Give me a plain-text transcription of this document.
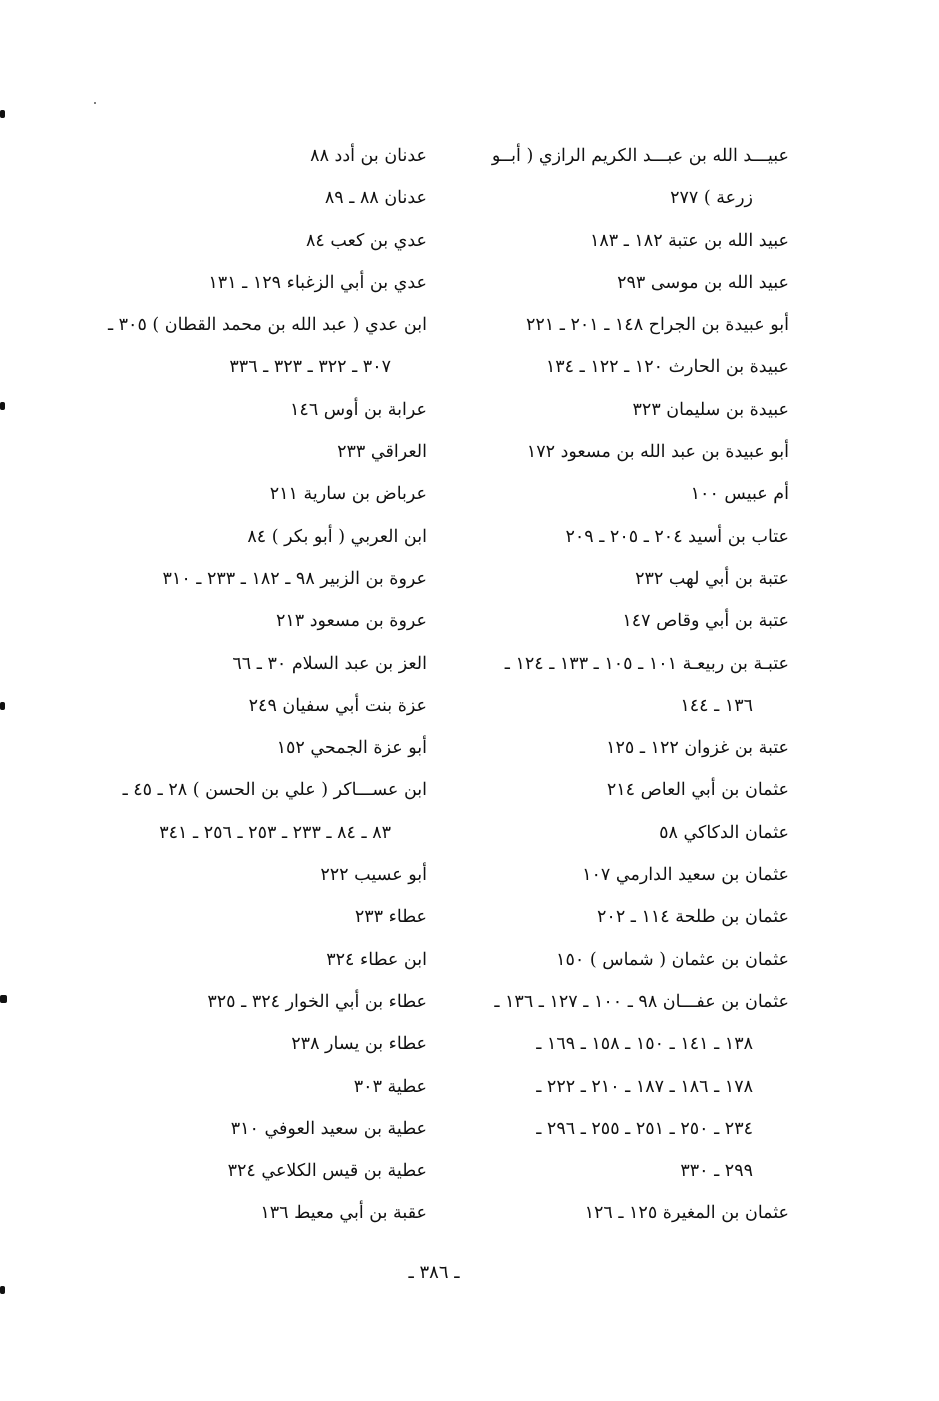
عبيـــد الله بن عبـــد الكريم الرازي ( أبــو
زرعة ) ٢٧٧
عبيد الله بن عتبة ١٨٢ ـ ١٨٣
عبيد الله بن موسى ٢٩٣
أبو عبيدة بن الجراح ١٤٨ ـ ٢٠١ ـ ٢٢١
عبيدة بن الحارث ١٢٠ ـ ١٢٢ ـ ١٣٤
عبيدة بن سليمان ٣٢٣
أبو عبيدة بن عبد الله بن مسعود ١٧٢
أم عبيس ١٠٠
عتاب بن أسيد ٢٠٤ ـ ٢٠٥ ـ ٢٠٩
عتبة بن أبي لهب ٢٣٢
عتبة بن أبي وقاص ١٤٧
عتبـة بن ربيعـة ١٠١ ـ ١٠٥ ـ ١٣٣ ـ ١٢٤ ـ
١٣٦ ـ ١٤٤
عتبة بن غزوان ١٢٢ ـ ١٢٥
عثمان بن أبي العاص ٢١٤
عثمان الدكاكي ٥٨
عثمان بن سعيد الدارمي ١٠٧
عثمان بن طلحة ١١٤ ـ ٢٠٢
عثمان بن عثمان ( شماس ) ١٥٠
عثمان بن عفـــان ٩٨ ـ ١٠٠ ـ ١٢٧ ـ ١٣٦ ـ
١٣٨ ـ ١٤١ ـ ١٥٠ ـ ١٥٨ ـ ١٦٩ ـ
١٧٨ ـ ١٨٦ ـ ١٨٧ ـ ٢١٠ ـ ٢٢٢ ـ
٢٣٤ ـ ٢٥٠ ـ ٢٥١ ـ ٢٥٥ ـ ٢٩٦ ـ
٢٩٩ ـ ٣٣٠
عثمان بن المغيرة ١٢٥ ـ ١٢٦
عدنان بن أدد ٨٨
عدنان ٨٨ ـ ٨٩
عدي بن كعب ٨٤
عدي بن أبي الزغباء ١٢٩ ـ ١٣١
ابن عدي ( عبد الله بن محمد القطان ) ٣٠٥ ـ
٣٠٧ ـ ٣٢٢ ـ ٣٢٣ ـ ٣٣٦
عرابة بن أوس ١٤٦
العراقي ٢٣٣
عرباض بن سارية ٢١١
ابن العربي ( أبو بكر ) ٨٤
عروة بن الزبير ٩٨ ـ ١٨٢ ـ ٢٣٣ ـ ٣١٠
عروة بن مسعود ٢١٣
العز بن عبد السلام ٣٠ ـ ٦٦
عزة بنت أبي سفيان ٢٤٩
أبو عزة الجمحي ١٥٢
ابن عســـاكر ( علي بن الحسن ) ٢٨ ـ ٤٥ ـ
٨٣ ـ ٨٤ ـ ٢٣٣ ـ ٢٥٣ ـ ٢٥٦ ـ ٣٤١
أبو عسيب ٢٢٢
عطاء ٢٣٣
ابن عطاء ٣٢٤
عطاء بن أبي الخوار ٣٢٤ ـ ٣٢٥
عطاء بن يسار ٢٣٨
عطية ٣٠٣
عطية بن سعيد العوفي ٣١٠
عطية بن قيس الكلاعي ٣٢٤
عقبة بن أبي معيط ١٣٦
ـ ٣٨٦ ـ
